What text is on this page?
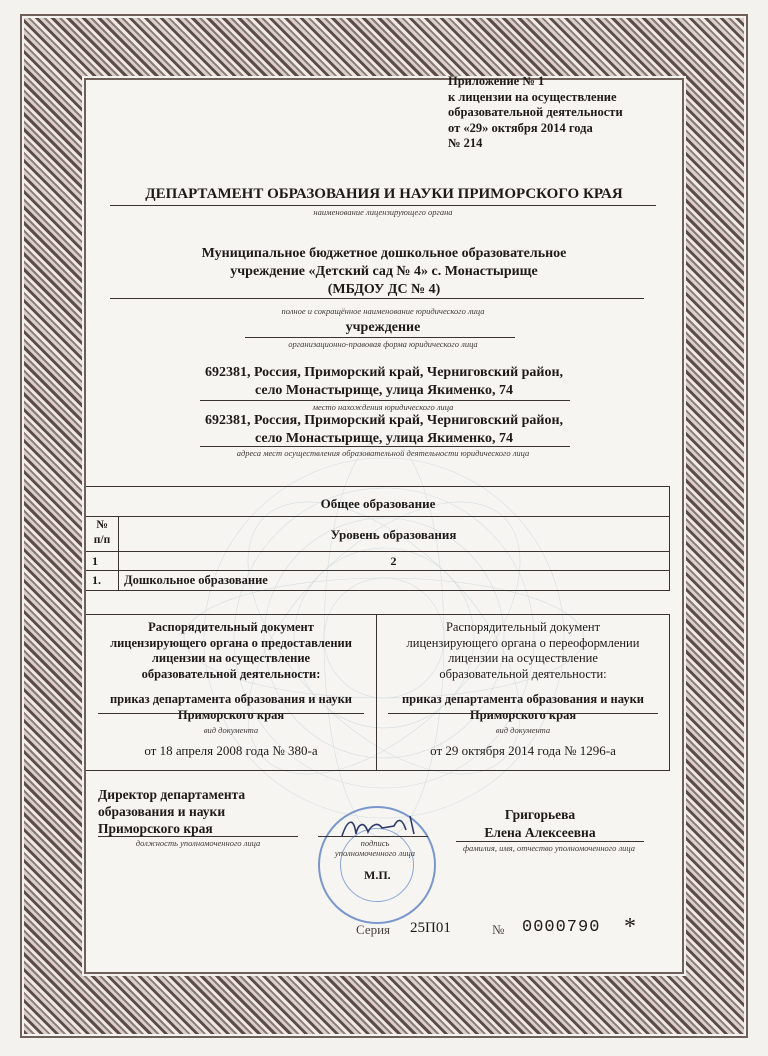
Приложение № 1
к лицензии на осуществление
образовательной деятельности
от «29» октября 2014 года
№ 214
ДЕПАРТАМЕНТ ОБРАЗОВАНИЯ И НАУКИ ПРИМОРСКОГО КРАЯ
наименование лицензирующего органа
Муниципальное бюджетное дошкольное образовательное
учреждение «Детский сад № 4» с. Монастырище
(МБДОУ ДС № 4)
полное и сокращённое наименование юридического лица
учреждение
организационно-правовая форма юридического лица
692381, Россия, Приморский край, Черниговский район,
село Монастырище, улица Якименко, 74
место нахождения юридического лица
692381, Россия, Приморский край, Черниговский район,
село Монастырище, улица Якименко, 74
адреса мест осуществления образовательной деятельности юридического лица
Общее образование
№
п/п	Уровень образования
1	2
1. Дошкольное образование
Распорядительный документ
лицензирующего органа о предоставлении
лицензии на осуществление
образовательной деятельности:
приказ департамента образования и науки
Приморского края
вид документа
от 18 апреля 2008 года № 380-а
Распорядительный документ
лицензирующего органа о переоформлении
лицензии на осуществление
образовательной деятельности:
приказ департамента образования и науки
Приморского края
вид документа
от 29 октября 2014 года № 1296-а
Директор департамента
образования и науки
Приморского края
должность уполномоченного лица	подпись
уполномоченного лица
М.П.
Григорьева
Елена Алексеевна
фамилия, имя, отчество уполномоченного лица
Серия 25П01	№ 0000790 *
